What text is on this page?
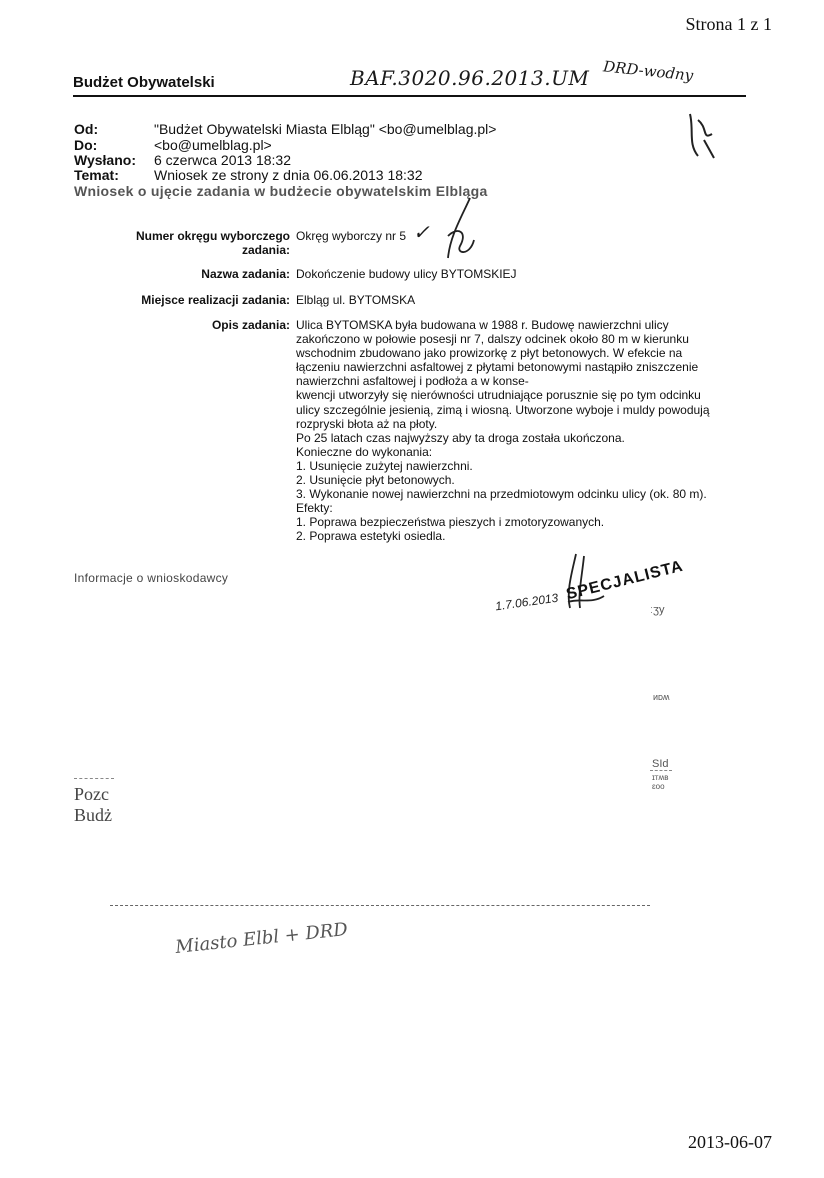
Strona 1 z 1
Budżet Obywatelski	BAF.3020.96.2013.UM DRD-wodny
Od:	"Budżet Obywatelski Miasta Elbląg" <bo@umelblag.pl>
Do:	<bo@umelblag.pl>
Wysłano: 6 czerwca 2013 18:32
Temat:	Wniosek ze strony z dnia 06.06.2013 18:32
Wniosek o ujęcie zadania w budżecie obywatelskim Elbląga
Numer okręgu wyborczego
zadania:
Okręg wyborczy nr 5 ✓
Nazwa zadania: Dokończenie budowy ulicy BYTOMSKIEJ
Miejsce realizacji zadania: Elbląg ul. BYTOMSKA
Opis zadania: Ulica BYTOMSKA była budowana w 1988 r. Budowę nawierzchni ulicy
zakończono w połowie posesji nr 7, dalszy odcinek około 80 m w kierunku
wschodnim zbudowano jako prowizorkę z płyt betonowych. W efekcie na
łączeniu nawierzchni asfaltowej z płytami betonowymi nastąpiło zniszczenie
nawierzchni asfaltowej i podłoża a w konse-
kwencji utworzyły się nierówności utrudniające porusznie się po tym odcinku
ulicy szczególnie jesienią, zimą i wiosną. Utworzone wyboje i muldy powodują
rozpryski błota aż na płoty.
Po 25 latach czas najwyższy aby ta droga została ukończona.
Konieczne do wykonania:
1. Usunięcie zużytej nawierzchni.
2. Usunięcie płyt betonowych.
3. Wykonanie nowej nawierzchni na przedmiotowym odcinku ulicy (ok. 80 m).
Efekty:
1. Poprawa bezpieczeństwa pieszych i zmotoryzowanych.
2. Poprawa estetyki osiedla.
Informacje o wnioskodawcy	SPECJALISTA
1.7.06.2013	ːʒy
ᴎᴅʍ
SId
ɪᴛʍв
ɛoo
Pozc
Budż
Miasto Elbl + DRD
2013-06-07
